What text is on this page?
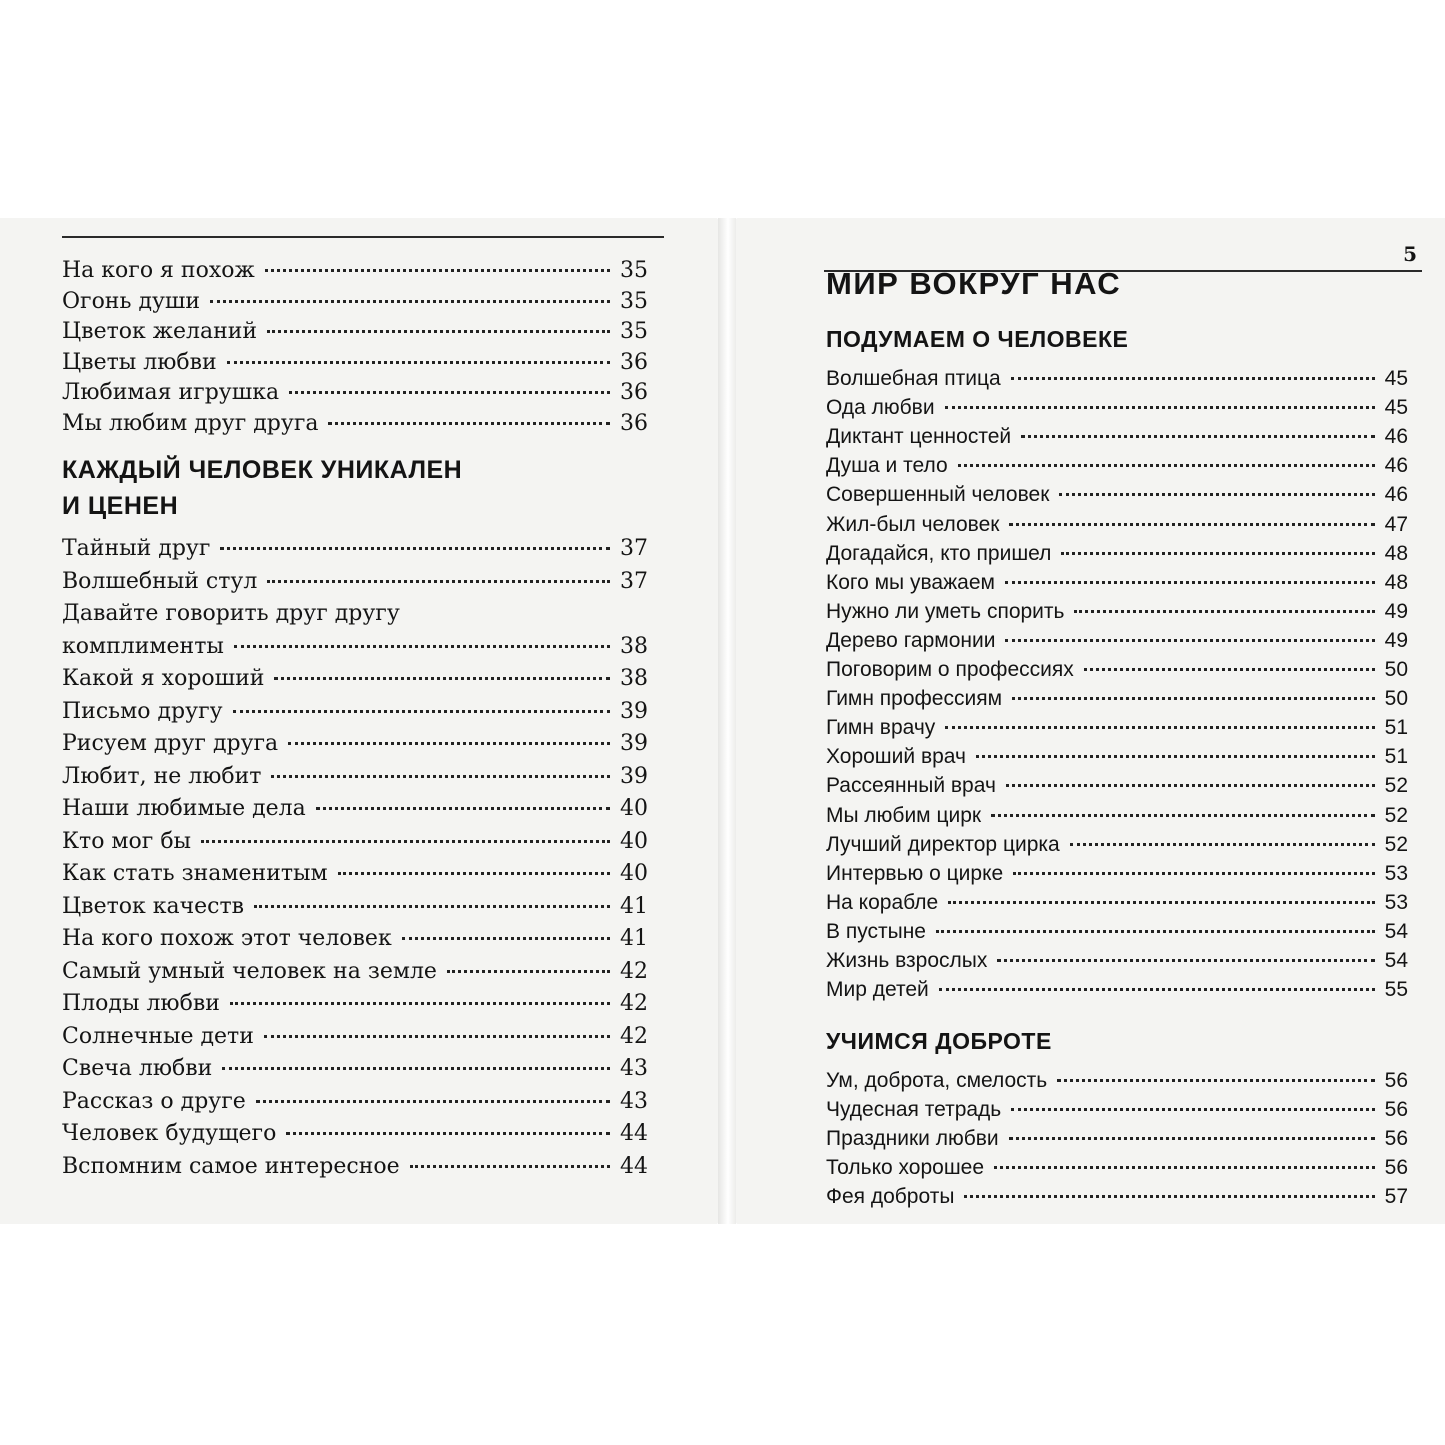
На кого я похож	35
Огонь души	35
Цветок желаний	35
Цветы любви	36
Любимая игрушка	36
Мы любим друг друга	36
КАЖДЫЙ ЧЕЛОВЕК УНИКАЛЕН
И ЦЕНЕН
Тайный друг	37
Волшебный стул	37
Давайте говорить друг другу
комплименты	38
Какой я хороший	38
Письмо другу	39
Рисуем друг друга	39
Любит, не любит	39
Наши любимые дела	40
Кто мог бы	40
Как стать знаменитым	40
Цветок качеств	41
На кого похож этот человек	41
Самый умный человек на земле	42
Плоды любви	42
Солнечные дети	42
Свеча любви	43
Рассказ о друге	43
Человек будущего	44
Вспомним самое интересное	44
5
МИР ВОКРУГ НАС
ПОДУМАЕМ О ЧЕЛОВЕКЕ
Волшебная птица	45
Ода любви	45
Диктант ценностей	46
Душа и тело	46
Совершенный человек	46
Жил-был человек	47
Догадайся, кто пришел	48
Кого мы уважаем	48
Нужно ли уметь спорить	49
Дерево гармонии	49
Поговорим о профессиях	50
Гимн профессиям	50
Гимн врачу	51
Хороший врач	51
Рассеянный врач	52
Мы любим цирк	52
Лучший директор цирка	52
Интервью о цирке	53
На корабле	53
В пустыне	54
Жизнь взрослых	54
Мир детей	55
УЧИМСЯ ДОБРОТЕ
Ум, доброта, смелость	56
Чудесная тетрадь	56
Праздники любви	56
Только хорошее	56
Фея доброты	57
